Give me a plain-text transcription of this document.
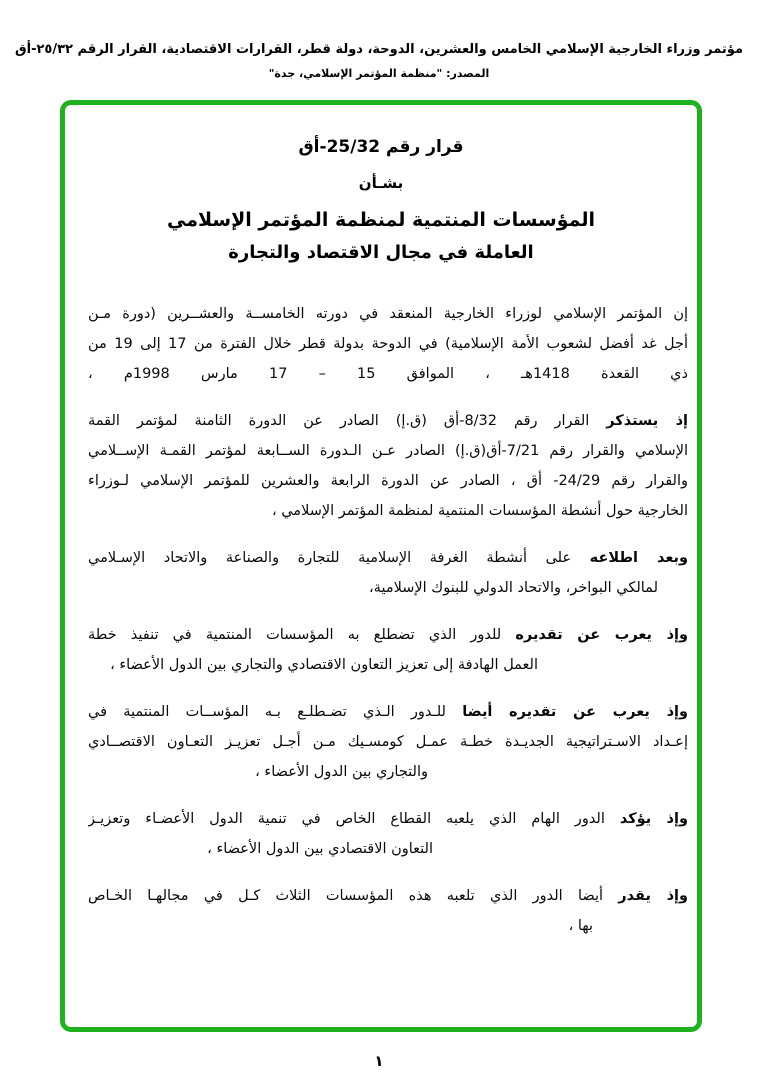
مؤتمر وزراء الخارجية الإسلامي الخامس والعشرين، الدوحة، دولة قطر، القرارات الاقتصادية، القرار الرقم ٢٥/٣٢-أق
المصدر: "منظمة المؤتمر الإسلامي، جدة"
قرار رقم 25/32-أق
بشـأن
المؤسسات المنتمية لمنظمة المؤتمر الإسلامي
العاملة في مجال الاقتصاد والتجارة
إن المؤتمر الإسلامي لوزراء الخارجية المنعقد في دورته الخامســة والعشــرين (دورة مـن
أجل غد أفضل لشعوب الأمة الإسلامية) في الدوحة بدولة قطر خلال الفترة من 17 إلى 19 من
ذي القعدة 1418هـ ، الموافق 15 – 17 مارس 1998م ،
إذ يستذكر القرار رقم 8/32-أق (ق.إ) الصادر عن الدورة الثامنة لمؤتمر القمة
الإسلامي والقرار رقم 7/21-أق(ق.إ) الصادر عـن الـدورة الســابعة لمؤتمر القمـة الإســلامي
والقرار رقم 24/29- أق ، الصادر عن الدورة الرابعة والعشرين للمؤتمر الإسلامي لـوزراء
الخارجية حول أنشطة المؤسسات المنتمية لمنظمة المؤتمر الإسلامي ،
وبعد اطلاعه على أنشطة الغرفة الإسلامية للتجارة والصناعة والاتحاد الإسـلامي
لمالكي البواخر، والاتحاد الدولي للبنوك الإسلامية،
وإذ يعرب عن تقديره للدور الذي تضطلع به المؤسسات المنتمية في تنفيذ خطة
العمل الهادفة إلى تعزيز التعاون الاقتصادي والتجاري بين الدول الأعضاء ،
وإذ يعرب عن تقديره أيضا للـدور الـذي تضـطلـع بـه المؤســات المنتمية في
إعـداد الاسـتراتيجية الجديـدة خطـة عمـل كومسـيك مـن أجـل تعزيـز التعـاون الاقتصــادي
والتجاري بين الدول الأعضاء ،
وإذ يؤكد الدور الهام الذي يلعبه القطاع الخاص في تنمية الدول الأعضـاء وتعزيـز
التعاون الاقتصادي بين الدول الأعضاء ،
وإذ يقدر أيضا الدور الذي تلعبه هذه المؤسسات الثلاث كـل في مجالهـا الخـاص
بها ،
١
